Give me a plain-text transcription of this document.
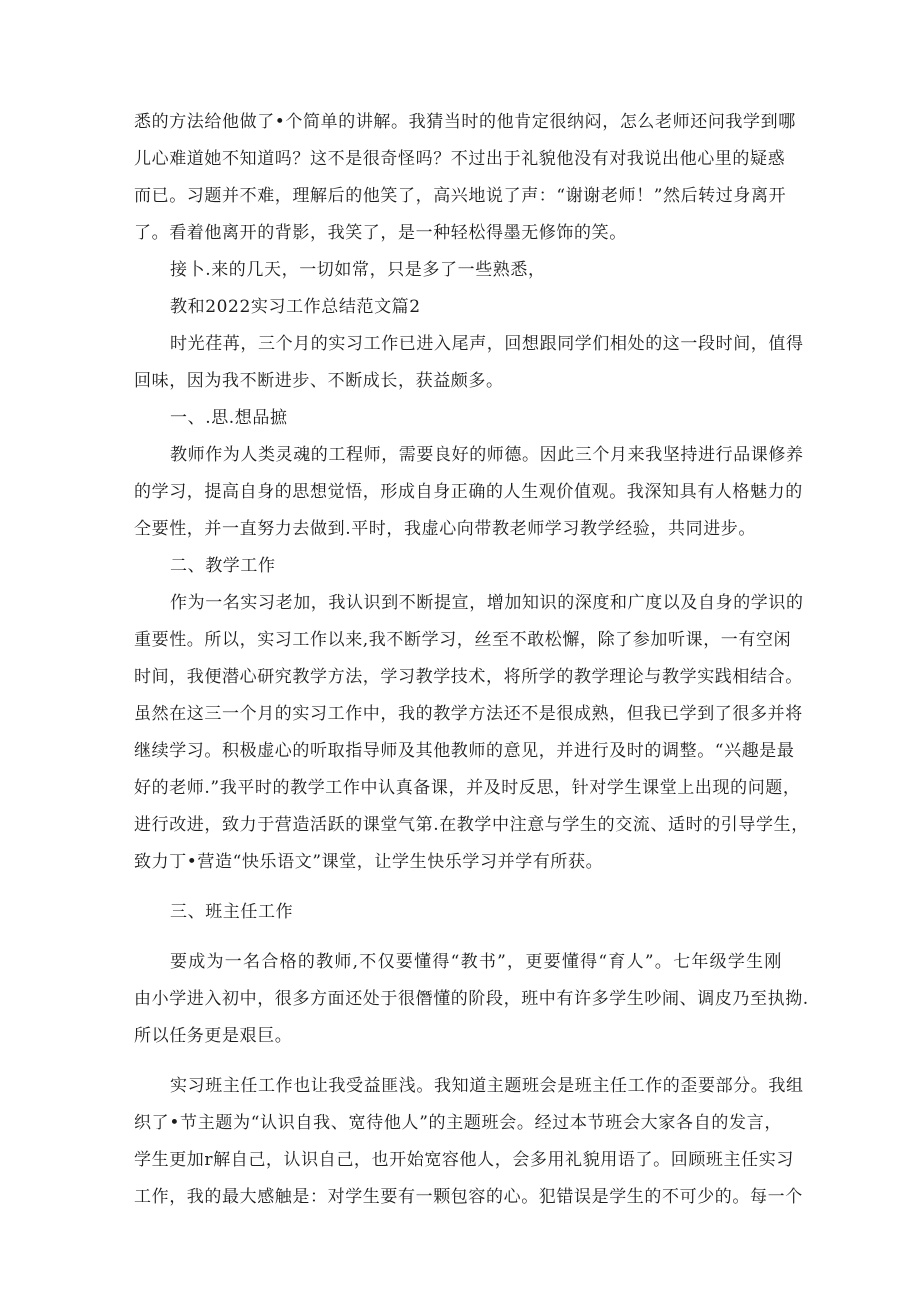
悉的方法给他做了•个简单的讲解。我猜当时的他肯定很纳闷，怎么老师还问我学到哪
儿心难道她不知道吗？这不是很奇怪吗？不过出于礼貌他没有对我说出他心里的疑惑
而已。习题并不难，理解后的他笑了，高兴地说了声：“谢谢老师！”然后转过身离开
了。看着他离开的背影，我笑了，是一种轻松得墨无修饰的笑。
接卜.来的几天，一切如常，只是多了一些熟悉，
教和2022实习工作总结范文篇2
时光荏苒，三个月的实习工作已进入尾声，回想跟同学们相处的这一段时间，值得
回味，因为我不断进步、不断成长，获益颇多。
一、.思.想品摭
教师作为人类灵魂的工程师，需要良好的师德。因此三个月来我坚持进行品课修养
的学习，提高自身的思想觉悟，形成自身正确的人生观价值观。我深知具有人格魅力的
仝要性，并一直努力去做到.平时，我虚心向带教老师学习教学经验，共同进步。
二、教学工作
作为一名实习老加，我认识到不断提宣，增加知识的深度和广度以及自身的学识的
重要性。所以，实习工作以来,我不断学习，丝至不敢松懈，除了参加听课，一有空闲
时间，我便潜心研究教学方法，学习教学技术，将所学的教学理论与教学实践相结合。
虽然在这三一个月的实习工作中，我的教学方法还不是很成熟，但我已学到了很多并将
继续学习。积极虚心的听取指导师及其他教师的意见，并进行及时的调整。“兴趣是最
好的老师.”我平时的教学工作中认真备课，并及时反思，针对学生课堂上出现的问题，
进行改进，致力于营造活跃的课堂气第.在教学中注意与学生的交流、适时的引导学生，
致力丁•营造“快乐语文”课堂，让学生快乐学习并学有所获。
三、班主任工作
要成为一名合格的教师,不仅要懂得“教书”，更要懂得“育人”。七年级学生刚
由小学进入初中，很多方面还处于很僭懂的阶段，班中有许多学生吵闹、调皮乃至执拗.
所以任务更是艰巨。
实习班主任工作也让我受益匪浅。我知道主题班会是班主任工作的歪要部分。我组
织了•节主题为“认识自我、宽待他人”的主题班会。经过本节班会大家各自的发言，
学生更加r解自己，认识自己，也开始宽容他人，会多用礼貌用语了。回顾班主任实习
工作，我的最大感触是：对学生要有一颗包容的心。犯错误是学生的不可少的。每一个
